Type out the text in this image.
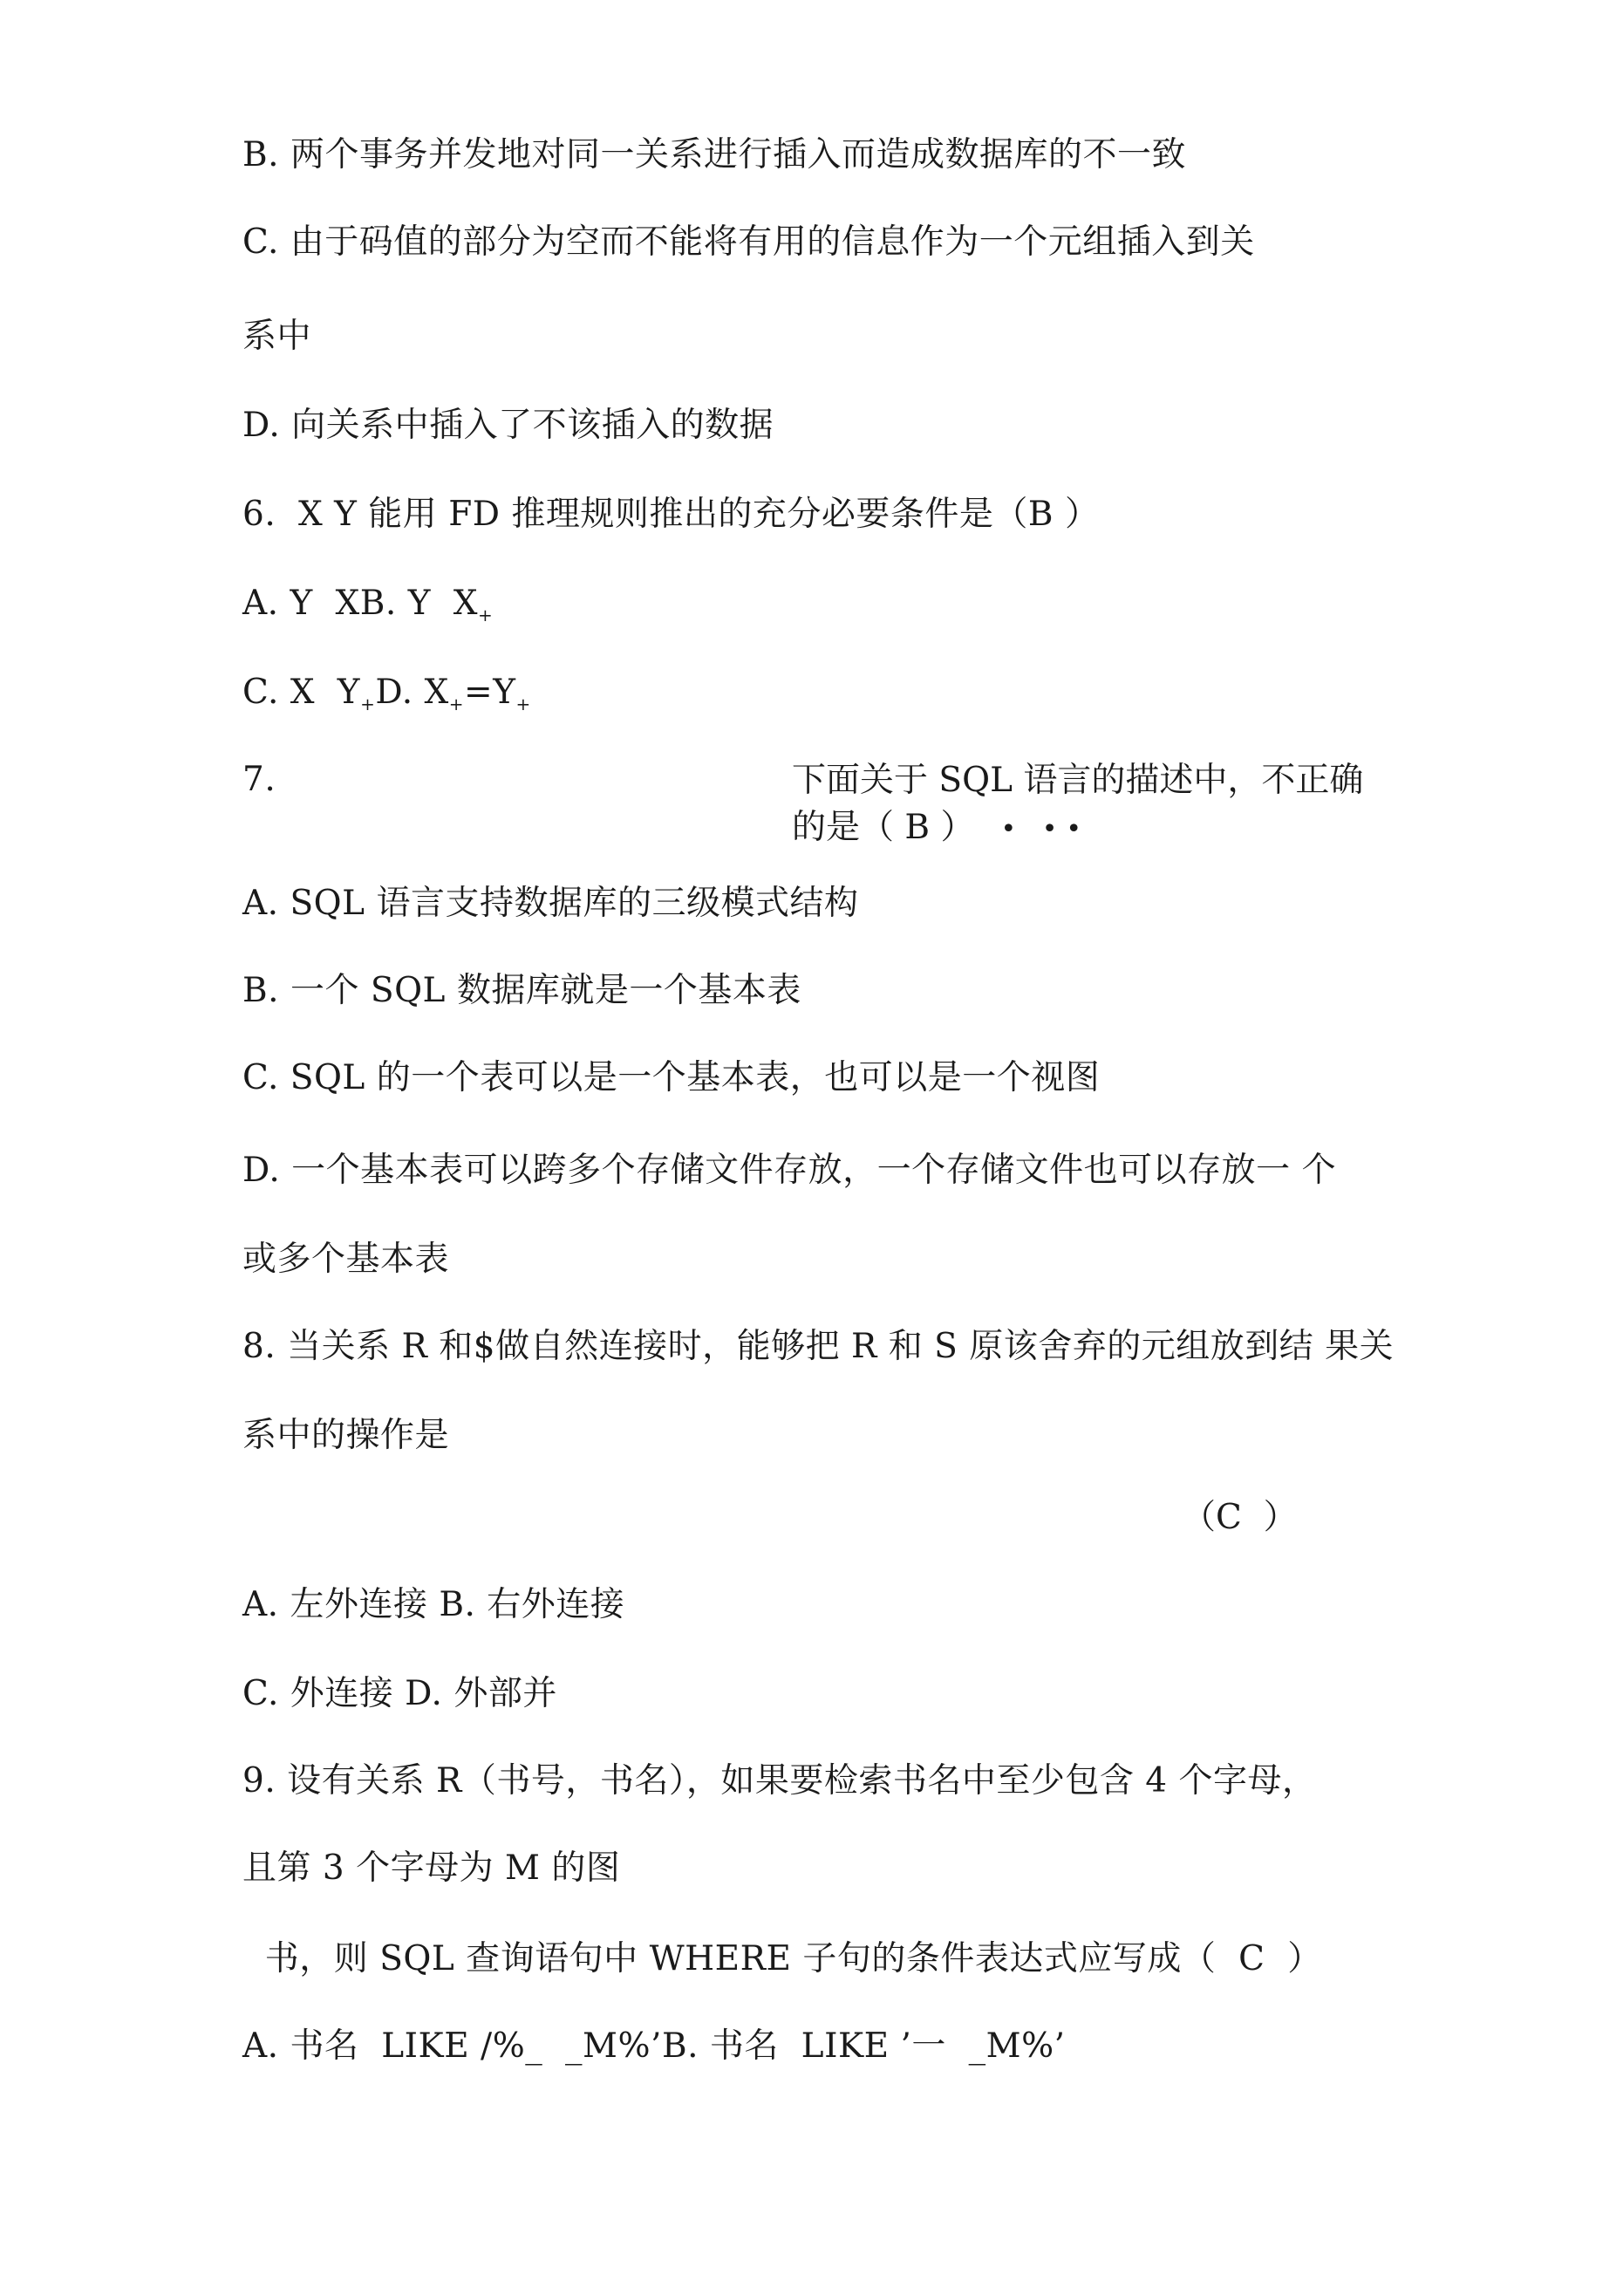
B. 两个事务并发地对同一关系进行插入而造成数据库的不一致
C. 由于码值的部分为空而不能将有用的信息作为一个元组插入到关
系中
D. 向关系中插入了不该插入的数据
6.  X Y 能用 FD 推理规则推出的充分必要条件是（B ）
A. Y  XB. Y  $X_+$
C. X  $Y_+D$. $X_+=Y_+$
7.	下面关于 SQL 语言的描述中，不正确的是（ B ） • ••
A. SQL 语言支持数据库的三级模式结构
B. 一个 SQL 数据库就是一个基本表
C. SQL 的一个表可以是一个基本表，也可以是一个视图
D. 一个基本表可以跨多个存储文件存放，一个存储文件也可以存放一 个
或多个基本表
8. 当关系 R 和$做自然连接时，能够把 R 和 S 原该舍弃的元组放到结 果关
系中的操作是
（C  ）
A. 左外连接 B. 右外连接
C. 外连接 D. 外部并
9. 设有关系 R（书号，书名），如果要检索书名中至少包含 4 个字母，
且第 3 个字母为 M 的图
书，则 SQL 查询语句中 WHERE 子句的条件表达式应写成（  C  ）
A. 书名  LIKE /%_  _M%’B. 书名  LIKE ’一  _M%’
